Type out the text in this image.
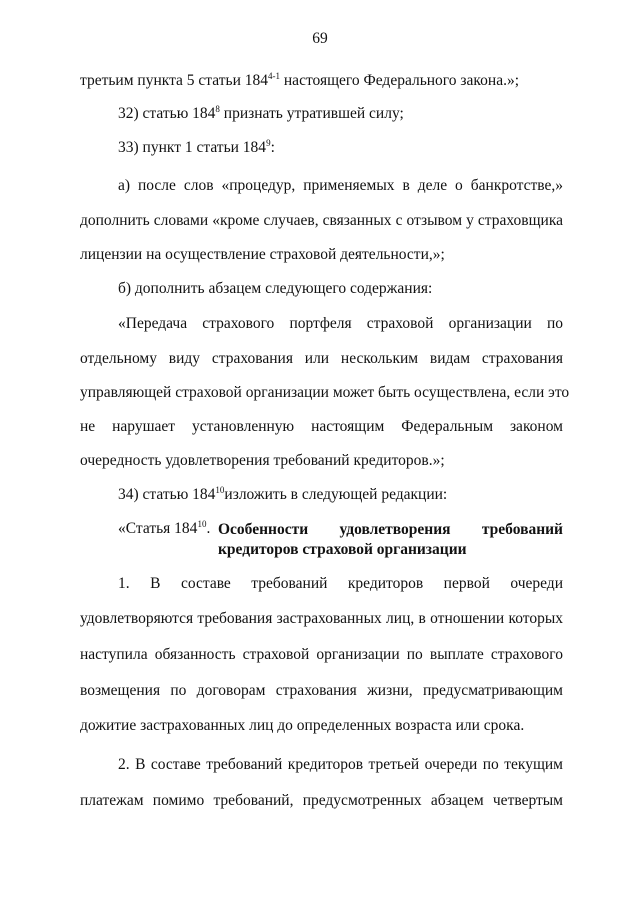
69
третьим пункта 5 статьи 184$^{4-1}$ настоящего Федерального закона.»;
32) статью $184^8$ признать утратившей силу;
33) пункт 1 статьи $184^9$:
а) после слов «процедур, применяемых в деле о банкротстве,»
дополнить словами «кроме случаев, связанных с отзывом у страховщика
лицензии на осуществление страховой деятельности,»;
б) дополнить абзацем следующего содержания:
«Передача страхового портфеля страховой организации по
отдельному виду страхования или нескольким видам страхования
управляющей страховой организации может быть осуществлена, если это
не нарушает установленную настоящим Федеральным законом
очередность удовлетворения требований кредиторов.»;
34) статью $184^{10}изложить$ в следующей редакции:
«Статья $184^{10}$. Особенности удовлетворения требований
кредиторов страховой организации
1. В составе требований кредиторов первой очереди
удовлетворяются требования застрахованных лиц, в отношении которых
наступила обязанность страховой организации по выплате страхового
возмещения по договорам страхования жизни, предусматривающим
дожитие застрахованных лиц до определенных возраста или срока.
2. В составе требований кредиторов третьей очереди по текущим
платежам помимо требований, предусмотренных абзацем четвертым
